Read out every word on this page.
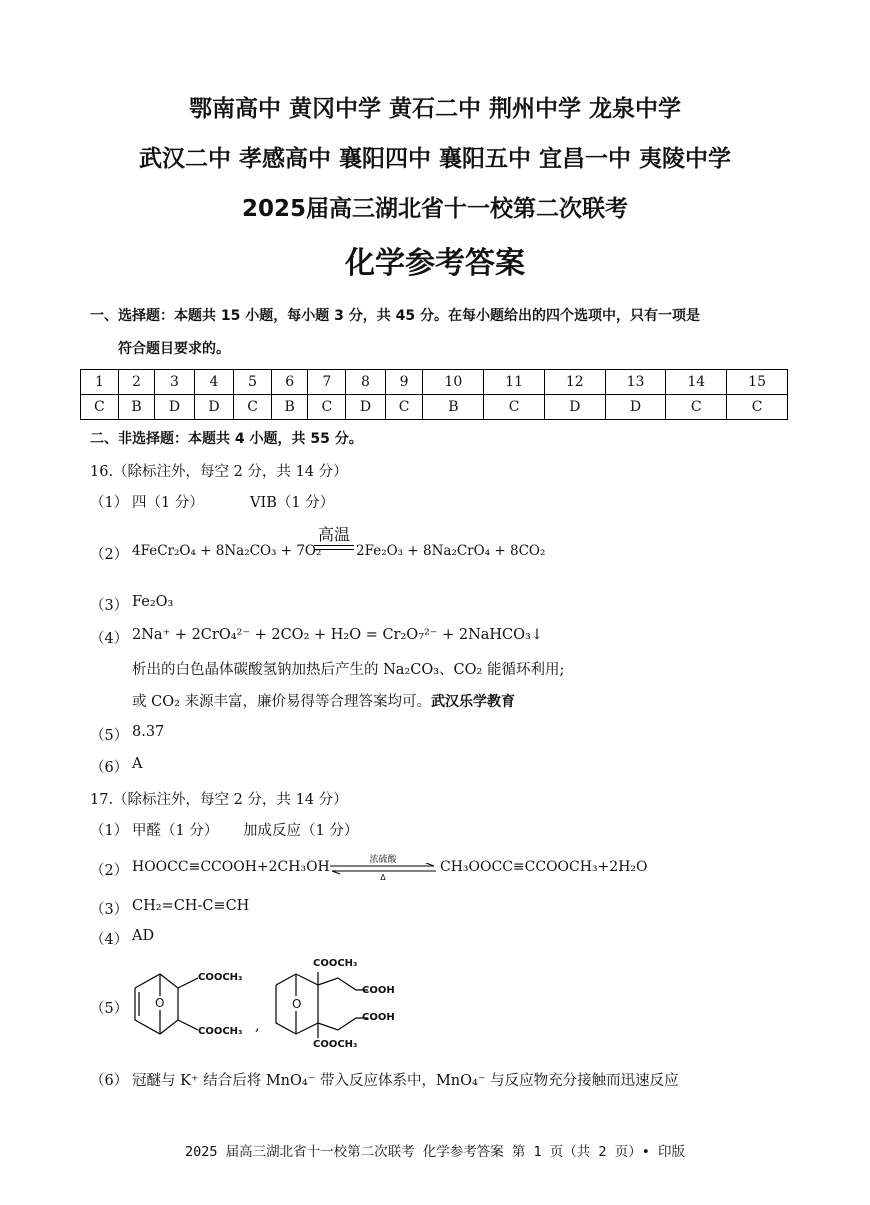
鄂南高中 黄冈中学 黄石二中 荆州中学 龙泉中学
武汉二中 孝感高中 襄阳四中 襄阳五中 宜昌一中 夷陵中学
2025届高三湖北省十一校第二次联考
化学参考答案
一、选择题：本题共 15 小题，每小题 3 分，共 45 分。在每小题给出的四个选项中，只有一项是
符合题目要求的。
1	2	3	4	5	6	7	8	9	10	11	12	13	14	15
C	B	D	D	C	B	C	D	C	B	C	D	D	C	C
二、非选择题：本题共 4 小题，共 55 分。
16.（除标注外，每空 2 分，共 14 分）
（1） 四（1 分）	VIB（1 分）
（2） 4FeCr₂O₄ + 8Na₂CO₃ + 7O₂
高温
2Fe₂O₃ + 8Na₂CrO₄ + 8CO₂
（3） Fe₂O₃
（4） 2Na⁺ + 2CrO₄²⁻ + 2CO₂ + H₂O = Cr₂O₇²⁻ + 2NaHCO₃↓
析出的白色晶体碳酸氢钠加热后产生的 Na₂CO₃、CO₂ 能循环利用;
或 CO₂ 来源丰富，廉价易得等合理答案均可。武汉乐学教育
（5） 8.37
（6） A
17.（除标注外，每空 2 分，共 14 分）
（1） 甲醛（1 分） 加成反应（1 分）
（2） HOOCC≡CCOOH+2CH₃OH	浓硫酸
Δ
CH₃OOCC≡CCOOCH₃+2H₂O
（3） CH₂=CH-C≡CH
（4） AD
（5） O
COOCH₃
COOCH₃ ,
O
COOCH₃
COOCH₃
COOH
COOH
（6） 冠醚与 K⁺ 结合后将 MnO₄⁻ 带入反应体系中，MnO₄⁻ 与反应物充分接触而迅速反应
2025 届高三湖北省十一校第二次联考 化学参考答案 第 1 页（共 2 页）• 印版
